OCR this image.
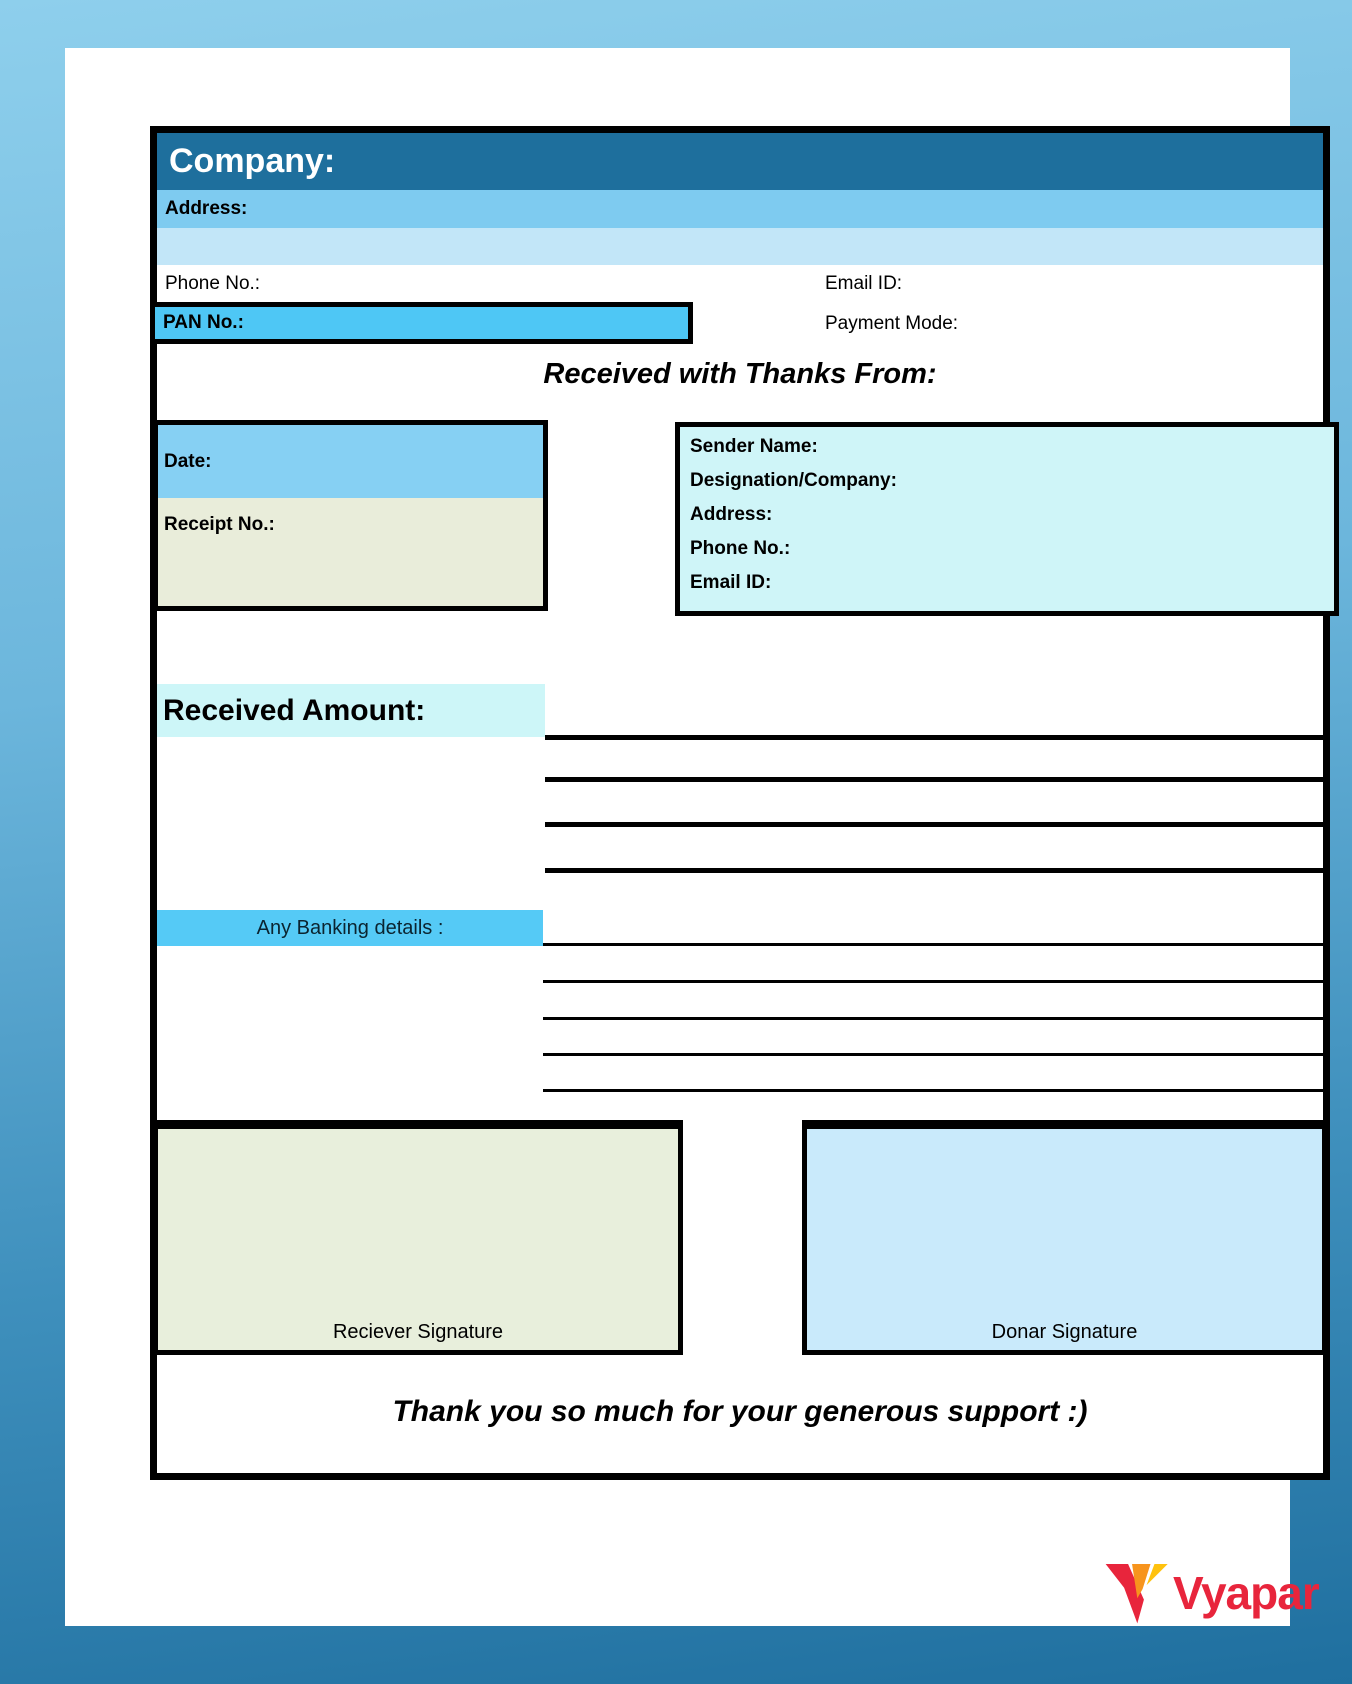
Company:
Address:
Phone No.:	Email ID:
PAN No.:	Payment Mode:
Received with Thanks From:
Date:
Receipt No.:
Sender Name:
Designation/Company:
Address:
Phone No.:
Email ID:
Received Amount:
Any Banking details :
Reciever Signature	Donar Signature
Thank you so much for your generous support :)
Vyapar
